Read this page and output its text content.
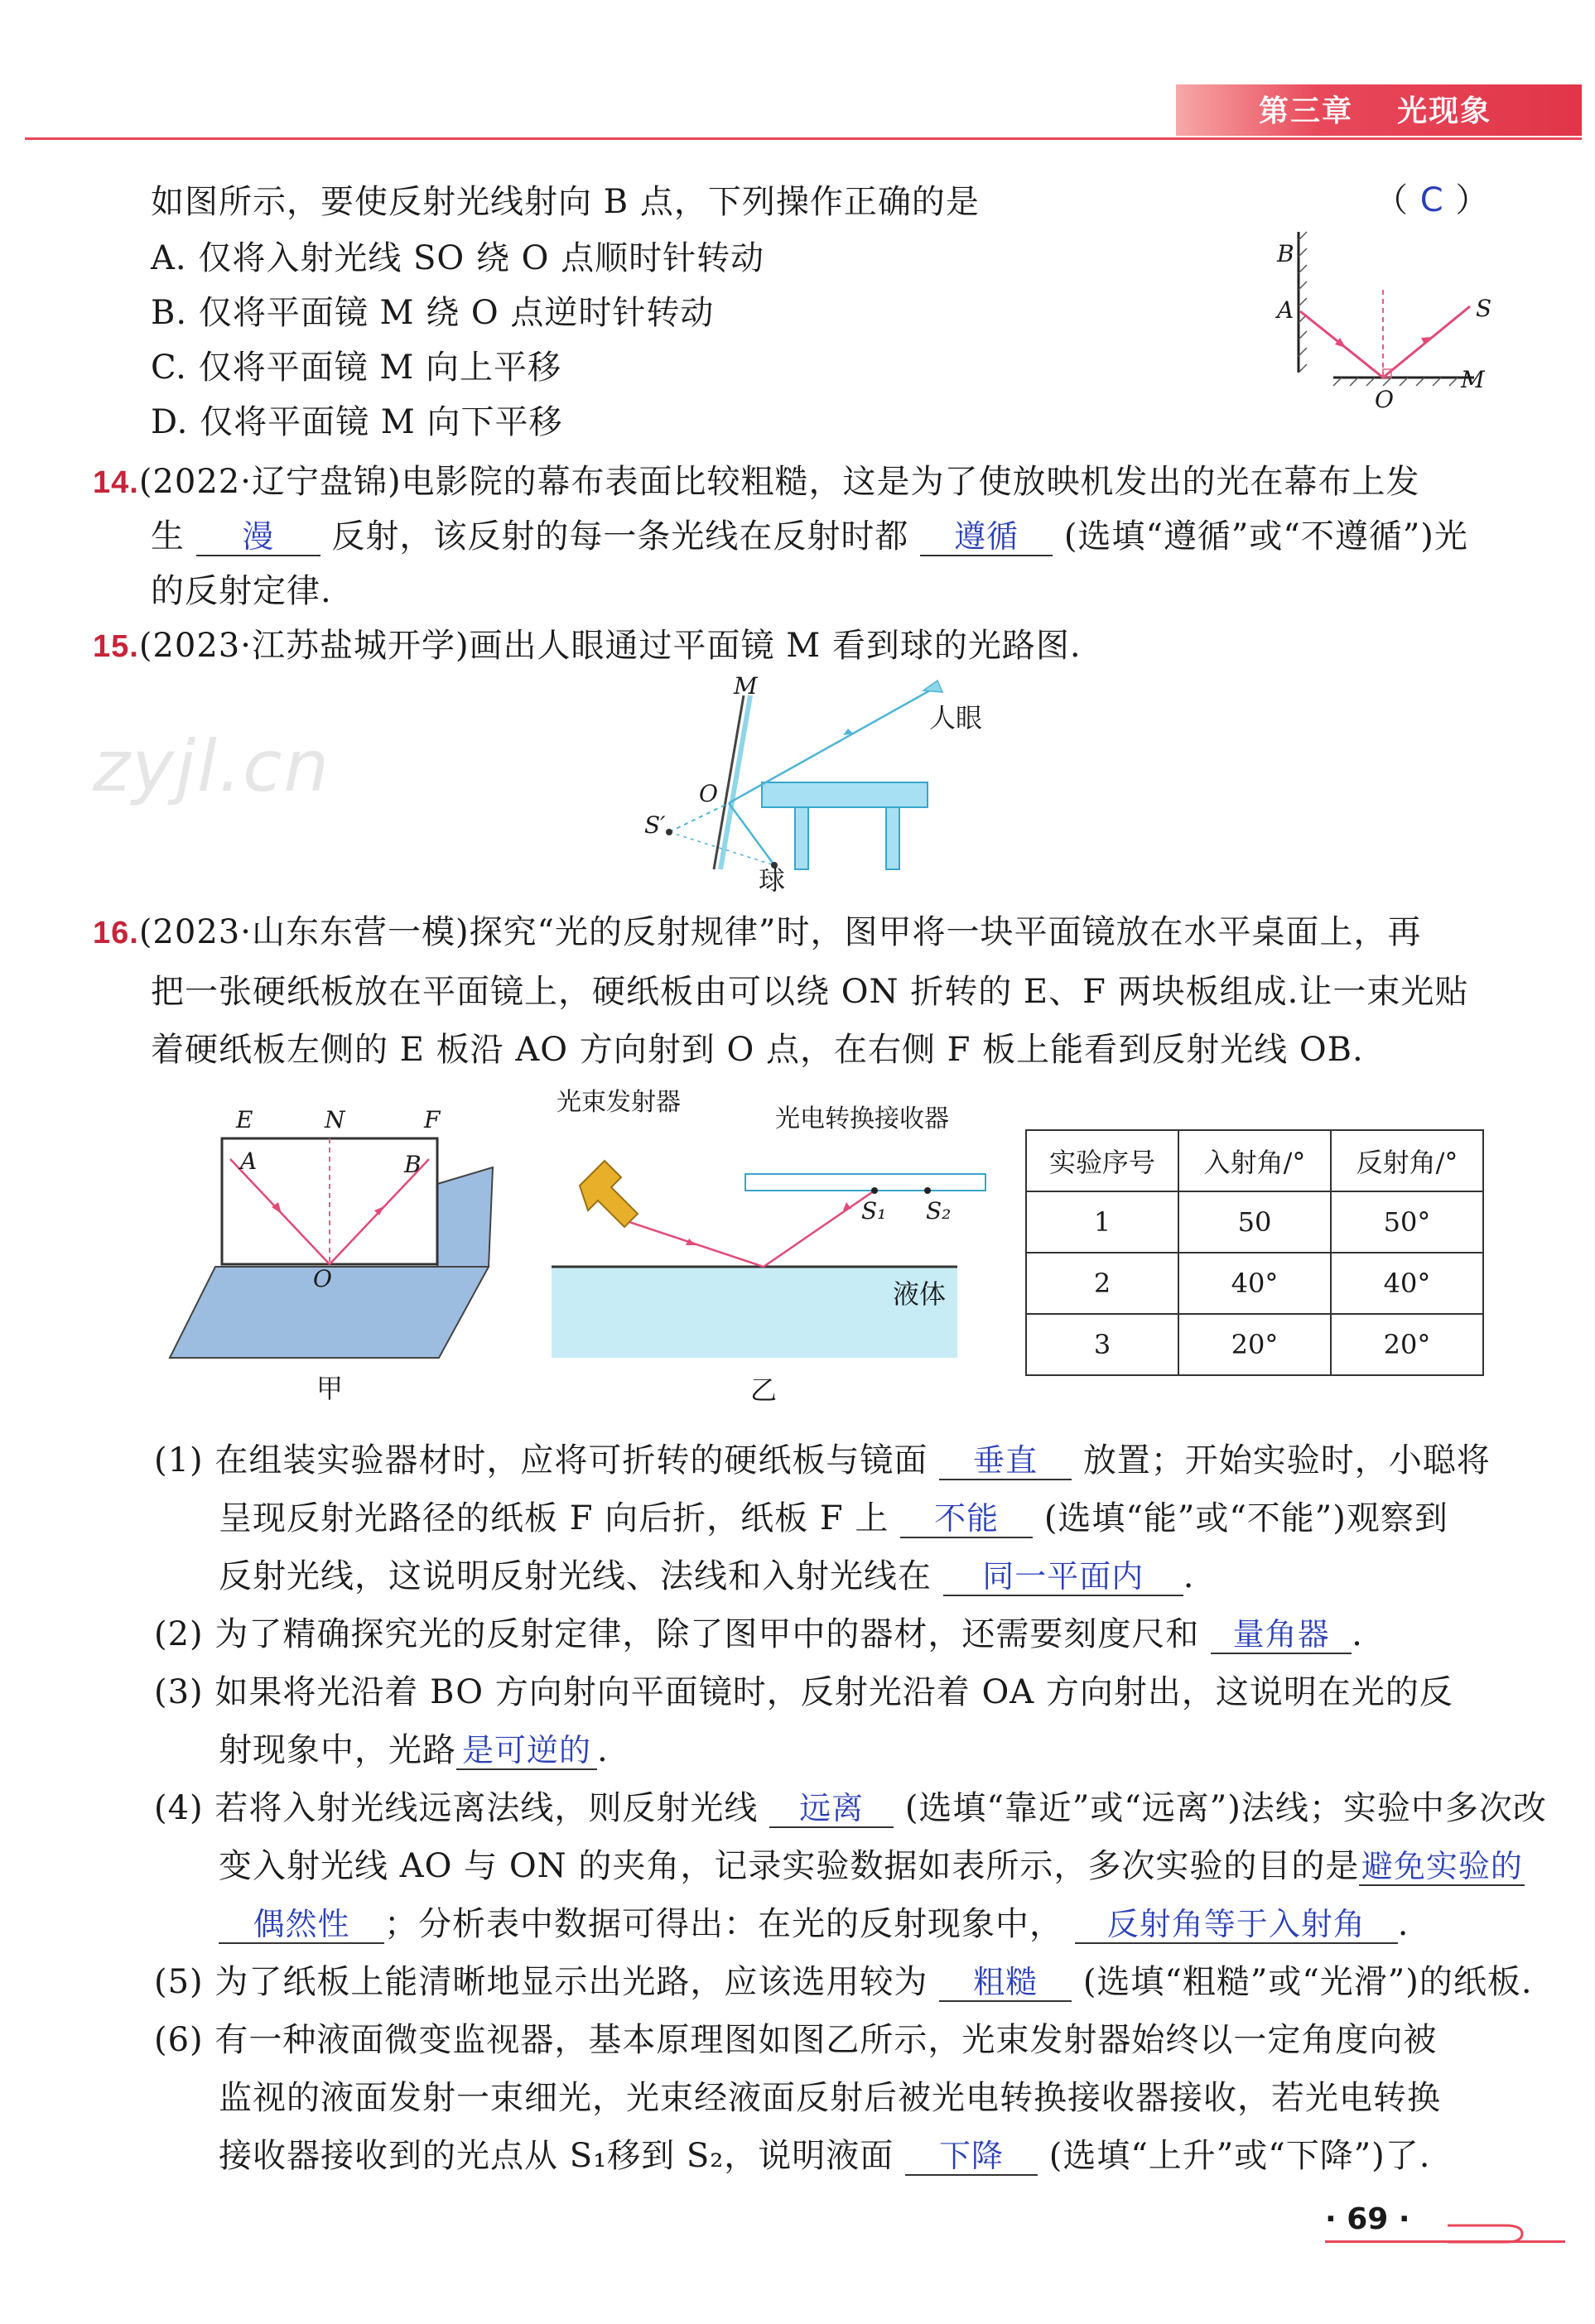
第三章 光现象
zyjl.cn
如图所示，要使反射光线射向 B 点，下列操作正确的是	（ C ）
A. 仅将入射光线 SO 绕 O 点顺时针转动
B. 仅将平面镜 M 绕 O 点逆时针转动
C. 仅将平面镜 M 向上平移
D. 仅将平面镜 M 向下平移
B
A	S
M
O
14.(2022·辽宁盘锦)电影院的幕布表面比较粗糙，这是为了使放映机发出的光在幕布上发
生 漫 反射，该反射的每一条光线在反射时都 遵循 (选填“遵循”或“不遵循”)光
的反射定律.
15.(2023·江苏盐城开学)画出人眼通过平面镜 M 看到球的光路图.
M
人眼
O
S′
球
16.(2023·山东东营一模)探究“光的反射规律”时，图甲将一块平面镜放在水平桌面上，再
把一张硬纸板放在平面镜上，硬纸板由可以绕 ON 折转的 E、F 两块板组成.让一束光贴
着硬纸板左侧的 E 板沿 AO 方向射到 O 点，在右侧 F 板上能看到反射光线 OB.
E	N	F
A	B
O
甲
光束发射器
光电转换接收器
S₁ S₂
液体
乙
实验序号	入射角/°	反射角/°
1	50	50°
2	40°	40°
3	20°	20°
(1) 在组装实验器材时，应将可折转的硬纸板与镜面 垂直 放置；开始实验时，小聪将
呈现反射光路径的纸板 F 向后折，纸板 F 上 不能 (选填“能”或“不能”)观察到
反射光线，这说明反射光线、法线和入射光线在 同一平面内 .
(2) 为了精确探究光的反射定律，除了图甲中的器材，还需要刻度尺和 量角器 .
(3) 如果将光沿着 BO 方向射向平面镜时，反射光沿着 OA 方向射出，这说明在光的反
射现象中，光路 是可逆的 .
(4) 若将入射光线远离法线，则反射光线 远离 (选填“靠近”或“远离”)法线；实验中多次改
变入射光线 AO 与 ON 的夹角，记录实验数据如表所示，多次实验的目的是避免实验的
偶然性 ；分析表中数据可得出：在光的反射现象中， 反射角等于入射角 .
(5) 为了纸板上能清晰地显示出光路，应该选用较为 粗糙 (选填“粗糙”或“光滑”)的纸板.
(6) 有一种液面微变监视器，基本原理图如图乙所示，光束发射器始终以一定角度向被
监视的液面发射一束细光，光束经液面反射后被光电转换接收器接收，若光电转换
接收器接收到的光点从 S₁移到 S₂，说明液面 下降 (选填“上升”或“下降”)了.
· 69 ·
